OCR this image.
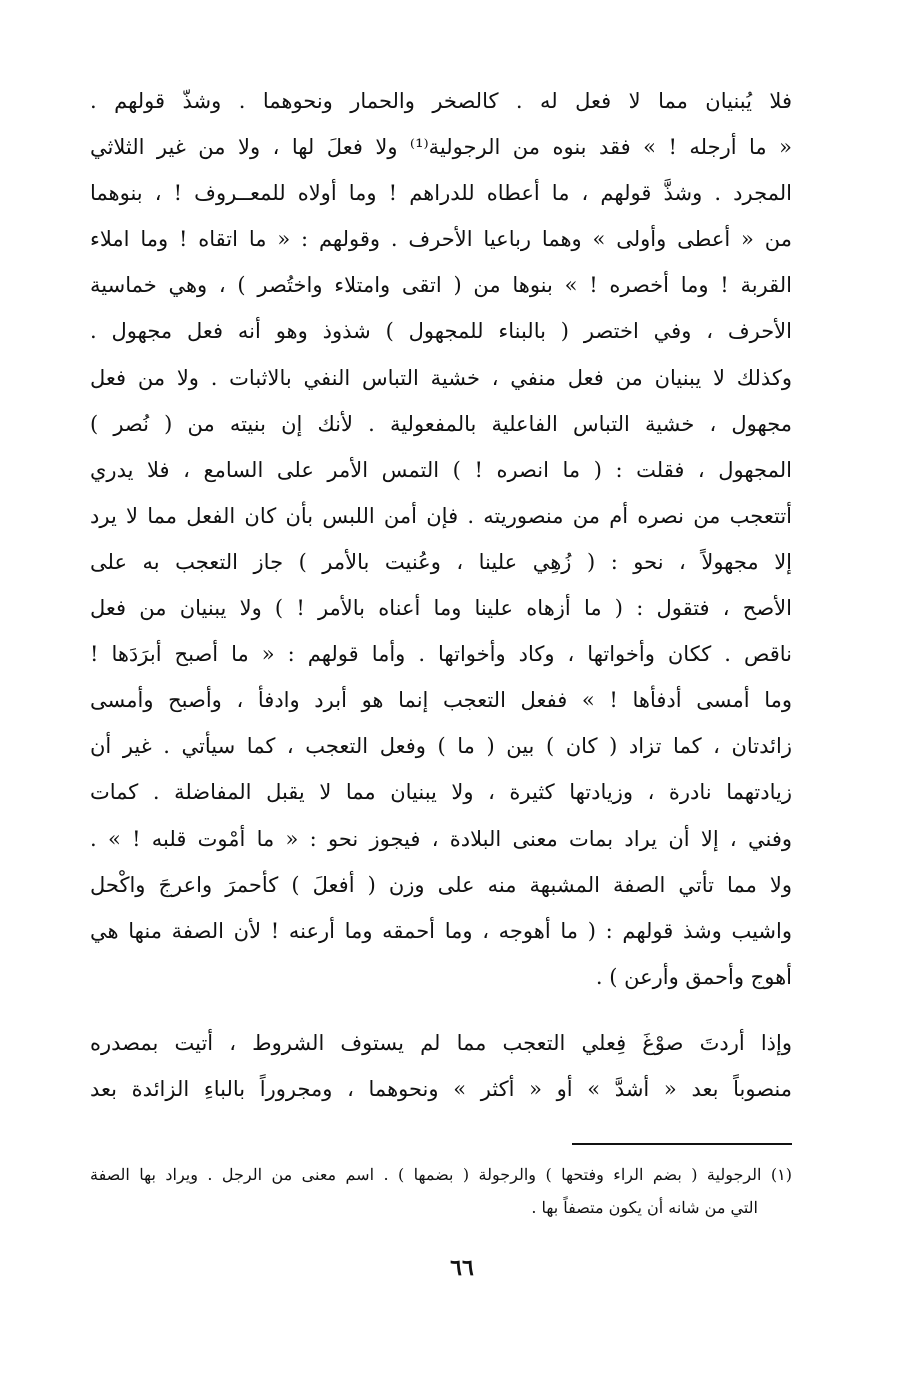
فلا يُبنيان مما لا فعل له . كالصخر والحمار ونحوهما . وشذّ قولهم .
« ما أرجله ! » فقد بنوه من الرجولية⁽¹⁾ ولا فعلَ لها ، ولا من غير الثلاثي
المجرد . وشذَّ قولهم ، ما أعطاه للدراهم ! وما أولاه للمعــروف ! ، بنوهما
من « أعطى وأولى » وهما رباعيا الأحرف . وقولهم : « ما اتقاه ! وما املاء
القربة ! وما أخصره ! » بنوها من ( اتقى وامتلاء واختُصر ) ، وهي خماسية
الأحرف ، وفي اختصر ( بالبناء للمجهول ) شذوذ وهو أنه فعل مجهول .
وكذلك لا يبنيان من فعل منفي ، خشية التباس النفي بالاثبات . ولا من فعل
مجهول ، خشية التباس الفاعلية بالمفعولية . لأنك إن بنيته من ( نُصر )
المجهول ، فقلت : ( ما انصره ! ) التمس الأمر على السامع ، فلا يدري
أتتعجب من نصره أم من منصوريته . فإن أمن اللبس بأن كان الفعل مما لا يرد
إلا مجهولاً ، نحو : ( زُهِي علينا ، وعُنيت بالأمر ) جاز التعجب به على
الأصح ، فتقول : ( ما أزهاه علينا وما أعناه بالأمر ! ) ولا يبنيان من فعل
ناقص . ككان وأخواتها ، وكاد وأخواتها . وأما قولهم : « ما أصبح أبرَدَها !
وما أمسى أدفأها ! » ففعل التعجب إنما هو أبرد وادفأ ، وأصبح وأمسى
زائدتان ، كما تزاد ( كان ) بين ( ما ) وفعل التعجب ، كما سيأتي . غير أن
زيادتهما نادرة ، وزيادتها كثيرة ، ولا يبنيان مما لا يقبل المفاضلة . كمات
وفني ، إلا أن يراد بمات معنى البلادة ، فيجوز نحو : « ما أمْوت قلبه ! » .
ولا مما تأتي الصفة المشبهة منه على وزن ( أفعلَ ) كأحمرَ واعرجَ واكْحل
واشيب وشذ قولهم : ( ما أهوجه ، وما أحمقه وما أرعنه ! لأن الصفة منها هي
أهوج وأحمق وأرعن ) .
وإذا أردتَ صوْغَ فِعلي التعجب مما لم يستوف الشروط ، أتيت بمصدره
منصوباً بعد « أشدَّ » أو « أكثر » ونحوهما ، ومجروراً بالباءِ الزائدة بعد
(١) الرجولية ( بضم الراء وفتحها ) والرجولة ( بضمها ) . اسم معنى من الرجل . ويراد بها الصفة
التي من شانه أن يكون متصفاً بها .
٦٦
